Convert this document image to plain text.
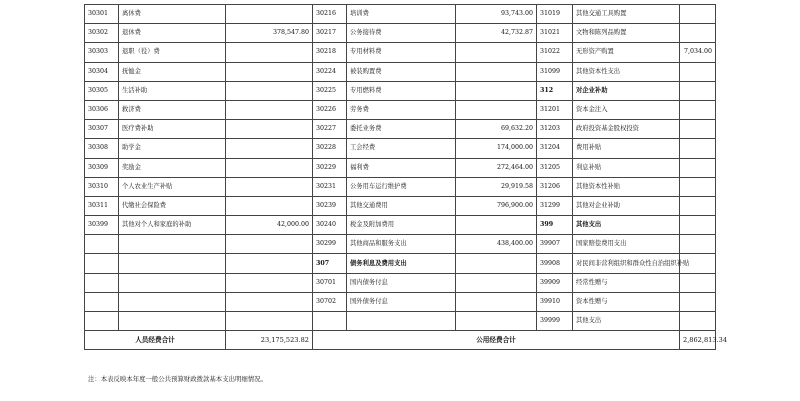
30301	离休费		30216	培训费	93,743.00	31019	其他交通工具购置	
30302	退休费	378,547.80	30217	公务接待费	42,732.87	31021	文物和陈列品购置	
30303	退职（役）费		30218	专用材料费		31022	无形资产购置	7,034.00
30304	抚恤金		30224	被装购置费		31099	其他资本性支出	
30305	生活补助		30225	专用燃料费		312	对企业补助	
30306	救济费		30226	劳务费		31201	资本金注入	
30307	医疗费补助		30227	委托业务费	69,632.20	31203	政府投资基金股权投资	
30308	助学金		30228	工会经费	174,000.00	31204	费用补贴	
30309	奖励金		30229	福利费	272,464.00	31205	利息补贴	
30310	个人农业生产补贴		30231	公务用车运行维护费	29,919.58	31206	其他资本性补贴	
30311	代缴社会保险费		30239	其他交通费用	796,900.00	31299	其他对企业补助	
30399	其他对个人和家庭的补助	42,000.00	30240	税金及附加费用		399	其他支出	
			30299	其他商品和服务支出	438,400.00	39907	国家赔偿费用支出	
			307	债务利息及费用支出		39908	对民间非营利组织和群众性自治组织补贴	
			30701	国内债务付息		39909	经常性赠与	
			30702	国外债务付息		39910	资本性赠与	
						39999	其他支出	
人员经费合计		23,175,523.82	公用经费合计					2,862,813.34
注：本表反映本年度一般公共预算财政拨款基本支出明细情况。
